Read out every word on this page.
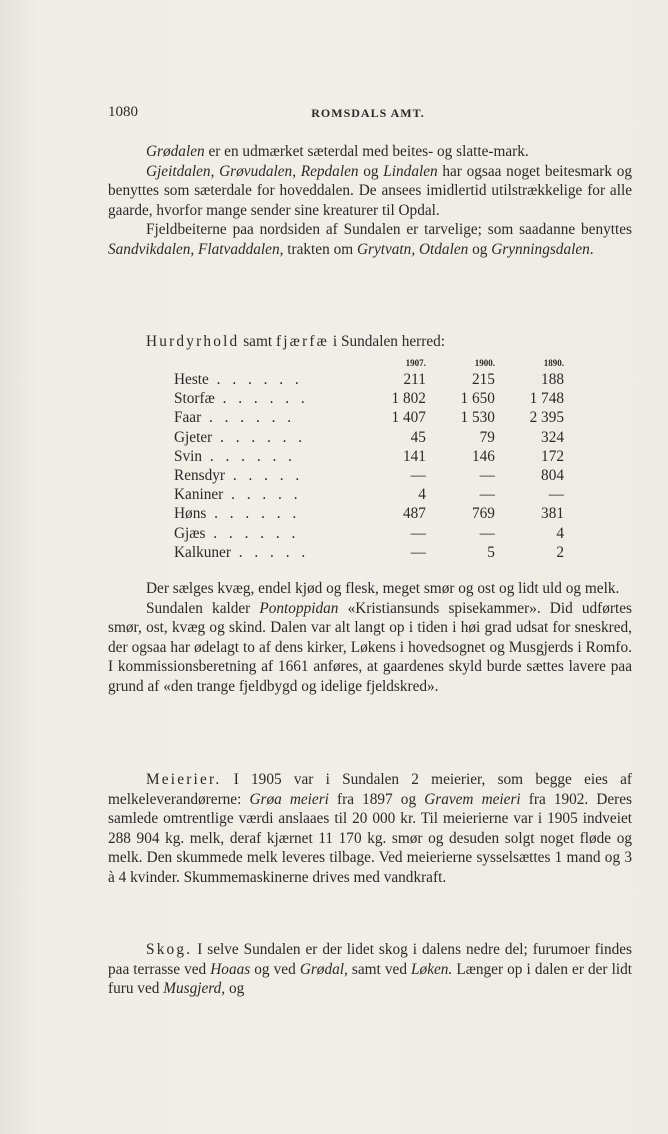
1080	ROMSDALS AMT.

Grødalen er en udmærket sæterdal med beites- og slatte-mark.

Gjeitdalen, Grøvudalen, Repdalen og Lindalen har ogsaa noget beitesmark og benyttes som sæterdale for hoveddalen. De ansees imidlertid utilstrækkelige for alle gaarde, hvorfor mange sender sine kreaturer til Opdal.

Fjeldbeiterne paa nordsiden af Sundalen er tarvelige; som saadanne benyttes Sandvikdalen, Flatvaddalen, trakten om Grytvatn, Otdalen og Grynningsdalen.

Hurdyrhold samt fjærfæ i Sundalen herred:
	1907.	1900.	1890.
Heste . . . . . .	211	215	188
Storfæ . . . . . .	1 802	1 650	1 748
Faar . . . . . .	1 407	1 530	2 395
Gjeter . . . . . .	45	79	324
Svin . . . . . .	141	146	172
Rensdyr . . . . .	—	—	804
Kaniner . . . . .	4	—	—
Høns . . . . . .	487	769	381
Gjæs . . . . . .	—	—	4
Kalkuner . . . . .	—	5	2

Der sælges kvæg, endel kjød og flesk, meget smør og ost og lidt uld og melk.

Sundalen kalder Pontoppidan «Kristiansunds spisekammer». Did udførtes smør, ost, kvæg og skind. Dalen var alt langt op i tiden i høi grad udsat for sneskred, der ogsaa har ødelagt to af dens kirker, Løkens i hovedsognet og Musgjerds i Romfo. I kommissionsberetning af 1661 anføres, at gaardenes skyld burde sættes lavere paa grund af «den trange fjeldbygd og idelige fjeldskred».

Meierier. I 1905 var i Sundalen 2 meierier, som begge eies af melkeleverandørerne: Grøa meieri fra 1897 og Gravem meieri fra 1902. Deres samlede omtrentlige værdi anslaaes til 20 000 kr. Til meierierne var i 1905 indveiet 288 904 kg. melk, deraf kjærnet 11 170 kg. smør og desuden solgt noget fløde og melk. Den skummede melk leveres tilbage. Ved meierierne sysselsættes 1 mand og 3 à 4 kvinder. Skummemaskinerne drives med vandkraft.

Skog. I selve Sundalen er der lidet skog i dalens nedre del; furumoer findes paa terrasse ved Hoaas og ved Grødal, samt ved Løken. Længer op i dalen er der lidt furu ved Musgjerd, og
